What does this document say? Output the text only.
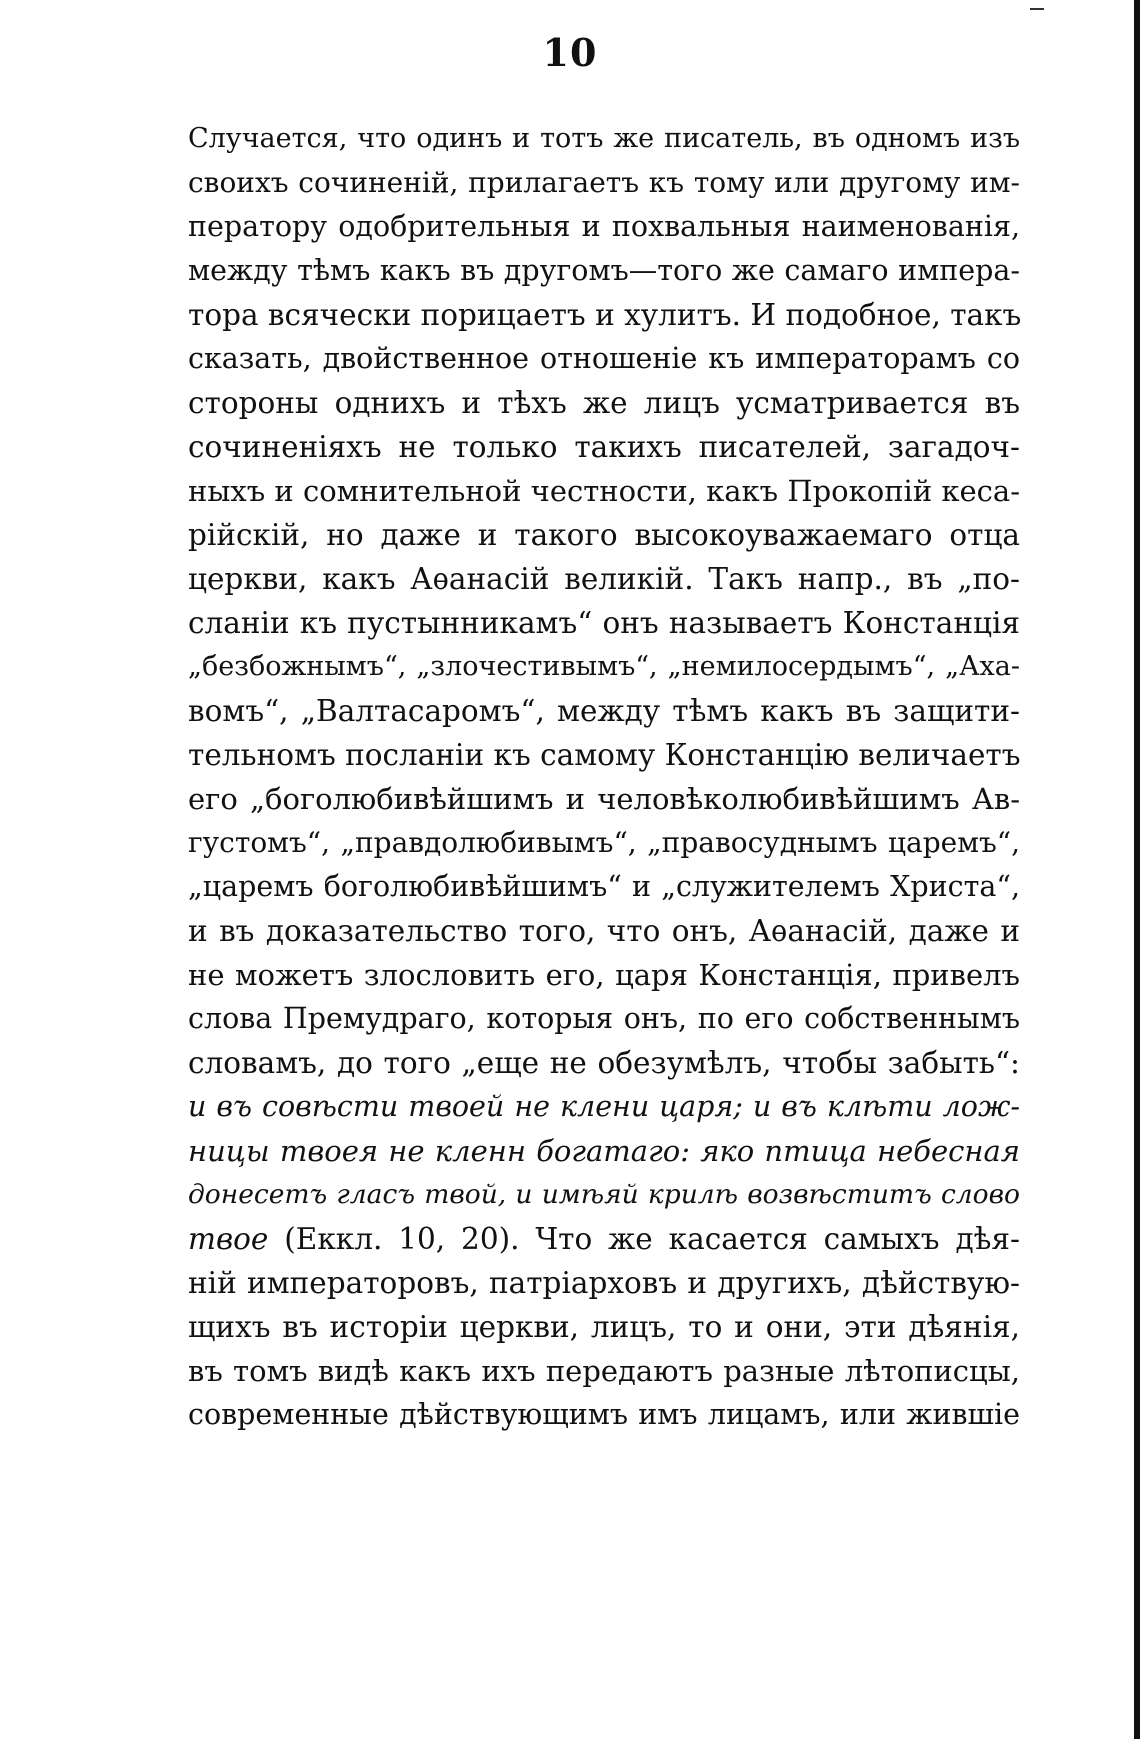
10
Случается, что одинъ и тотъ же писатель, въ одномъ изъ
своихъ сочиненій, прилагаетъ къ тому или другому им-
ператору одобрительныя и похвальныя наименованія,
между тѣмъ какъ въ другомъ—того же самаго импера-
тора всячески порицаетъ и хулитъ. И подобное, такъ
сказать, двойственное отношеніе къ императорамъ со
стороны однихъ и тѣхъ же лицъ усматривается въ
сочиненіяхъ не только такихъ писателей, загадоч-
ныхъ и сомнительной честности, какъ Прокопій кеса-
рійскій, но даже и такого высокоуважаемаго отца
церкви, какъ Аѳанасій великій. Такъ напр., въ „по-
сланіи къ пустынникамъ“ онъ называетъ Констанція
„безбожнымъ“, „злочестивымъ“, „немилосердымъ“, „Аха-
вомъ“, „Валтасаромъ“, между тѣмъ какъ въ защити-
тельномъ посланіи къ самому Констанцію величаетъ
его „боголюбивѣйшимъ и человѣколюбивѣйшимъ Ав-
густомъ“, „правдолюбивымъ“, „правосуднымъ царемъ“,
„царемъ боголюбивѣйшимъ“ и „служителемъ Христа“,
и въ доказательство того, что онъ, Аѳанасій, даже и
не можетъ злословить его, царя Констанція, привелъ
слова Премудраго, которыя онъ, по его собственнымъ
словамъ, до того „еще не обезумѣлъ, чтобы забыть“:
и въ совѣсти твоей не клени царя; и въ клѣти лож-
ницы твоея не кленн богатаго: яко птица небесная
донесетъ гласъ твой, и имѣяй крилѣ возвѣститъ слово
твое (Еккл. 10, 20). Что же касается самыхъ дѣя-
ній императоровъ, патріарховъ и другихъ, дѣйствую-
щихъ въ исторіи церкви, лицъ, то и они, эти дѣянія,
въ томъ видѣ какъ ихъ передаютъ разные лѣтописцы,
современные дѣйствующимъ имъ лицамъ, или жившіе
